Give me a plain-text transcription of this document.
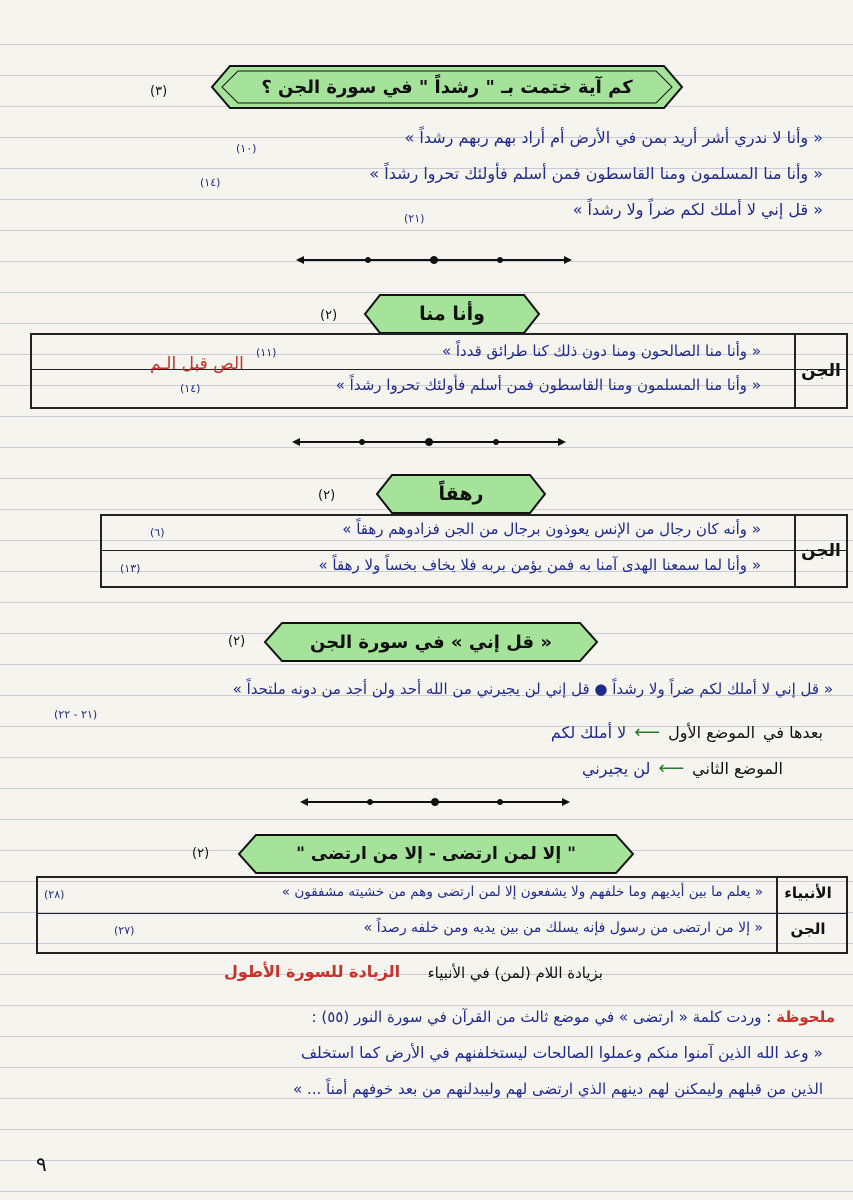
كم آية ختمت بـ " رشداً " في سورة الجن ؟
(٣)
« وأنا لا ندري أشر أريد بمن في الأرض أم أراد بهم ربهم رشداً »
(١٠)
« وأنا منا المسلمون ومنا القاسطون فمن أسلم فأولئك تحروا رشداً »
(١٤)
« قل إني لا أملك لكم ضراً ولا رشداً »
(٢١)
وأنا منا
(٢)
الجن
« وأنا منا الصالحون ومنا دون ذلك كنا طرائق قدداً »
(١١)
« وأنا منا المسلمون ومنا القاسطون فمن أسلم فأولئك تحروا رشداً »
(١٤)
الص قبل الـم
رهقاً
(٢)
الجن
« وأنه كان رجال من الإنس يعوذون برجال من الجن فزادوهم رهقاً »
(٦)
« وأنا لما سمعنا الهدى آمنا به فمن يؤمن بربه فلا يخاف بخساً ولا رهقاً »
(١٣)
« قل إني » في سورة الجن
(٢)
« قل إني لا أملك لكم ضراً ولا رشداً ● قل إني لن يجيرني من الله أحد ولن أجد من دونه ملتحداً »
(٢١ - ٢٢)
بعدها في
الموضع الأول
⟵
لا أملك لكم
الموضع الثاني
⟵
لن يجيرني
" إلا لمن ارتضى - إلا من ارتضى "
(٢)
الأنبياء
الجن
« يعلم ما بين أيديهم وما خلفهم ولا يشفعون إلا لمن ارتضى وهم من خشيته مشفقون »
(٢٨)
« إلا من ارتضى من رسول فإنه يسلك من بين يديه ومن خلفه رصداً »
(٢٧)
بزيادة اللام (لمن) في الأنبياء
الزيادة للسورة الأطول
ملحوظة : وردت كلمة « ارتضى » في موضع ثالث من القرآن في سورة النور (٥٥) :
« وعد الله الذين آمنوا منكم وعملوا الصالحات ليستخلفنهم في الأرض كما استخلف
الذين من قبلهم وليمكنن لهم دينهم الذي ارتضى لهم وليبدلنهم من بعد خوفهم أمناً ... »
٩
